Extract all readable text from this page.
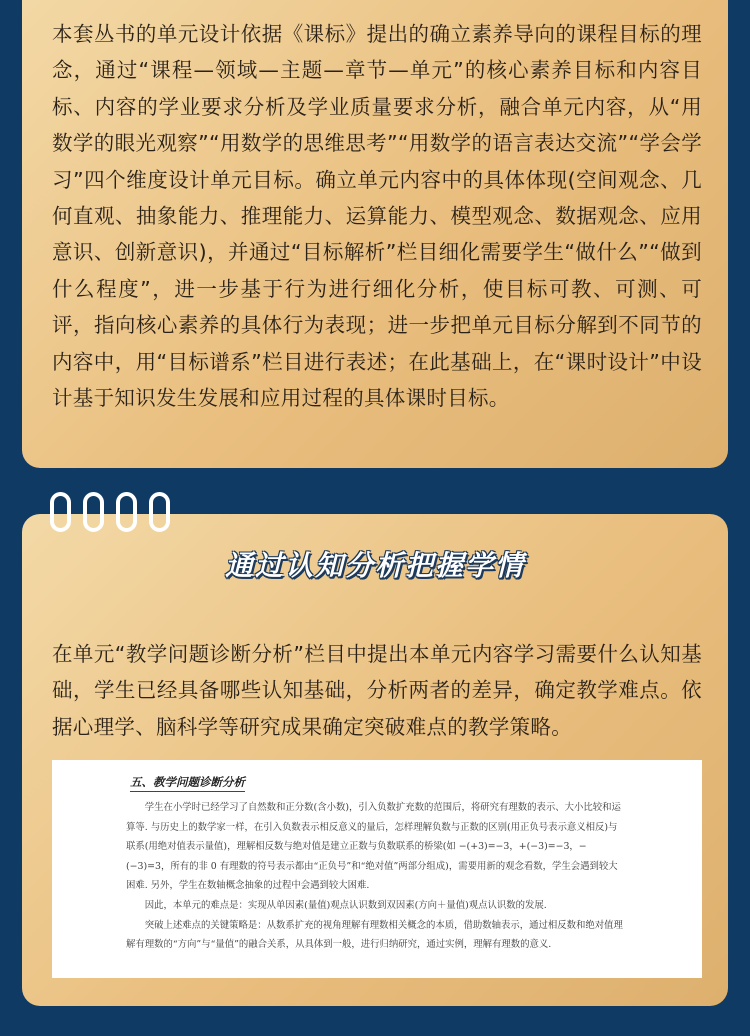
本套丛书的单元设计依据《课标》提出的确立素养导向的课程目标的理念，通过“课程—领域—主题—章节—单元”的核心素养目标和内容目标、内容的学业要求分析及学业质量要求分析，融合单元内容，从“用数学的眼光观察”“用数学的思维思考”“用数学的语言表达交流”“学会学习”四个维度设计单元目标。确立单元内容中的具体体现(空间观念、几何直观、抽象能力、推理能力、运算能力、模型观念、数据观念、应用意识、创新意识)，并通过“目标解析”栏目细化需要学生“做什么”“做到什么程度”，进一步基于行为进行细化分析，使目标可教、可测、可评，指向核心素养的具体行为表现；进一步把单元目标分解到不同节的内容中，用“目标谱系”栏目进行表述；在此基础上，在“课时设计”中设计基于知识发生发展和应用过程的具体课时目标。

通过认知分析把握学情

在单元“教学问题诊断分析”栏目中提出本单元内容学习需要什么认知基础，学生已经具备哪些认知基础，分析两者的差异，确定教学难点。依据心理学、脑科学等研究成果确定突破难点的教学策略。

五、教学问题诊断分析

学生在小学时已经学习了自然数和正分数(含小数)，引入负数扩充数的范围后，将研究有理数的表示、大小比较和运算等. 与历史上的数学家一样，在引入负数表示相反意义的量后，怎样理解负数与正数的区别(用正负号表示意义相反)与联系(用绝对值表示量值)，理解相反数与绝对值是建立正数与负数联系的桥梁(如 −(+3)=−3，+(−3)=−3，−(−3)=3，所有的非 0 有理数的符号表示都由“正负号”和“绝对值”两部分组成)，需要用新的观念看数，学生会遇到较大困难. 另外，学生在数轴概念抽象的过程中会遇到较大困难.

因此，本单元的难点是：实现从单因素(量值)观点认识数到双因素(方向＋量值)观点认识数的发展.

突破上述难点的关键策略是：从数系扩充的视角理解有理数相关概念的本质，借助数轴表示，通过相反数和绝对值理解有理数的“方向”与“量值”的融合关系，从具体到一般，进行归纳研究，通过实例，理解有理数的意义.
